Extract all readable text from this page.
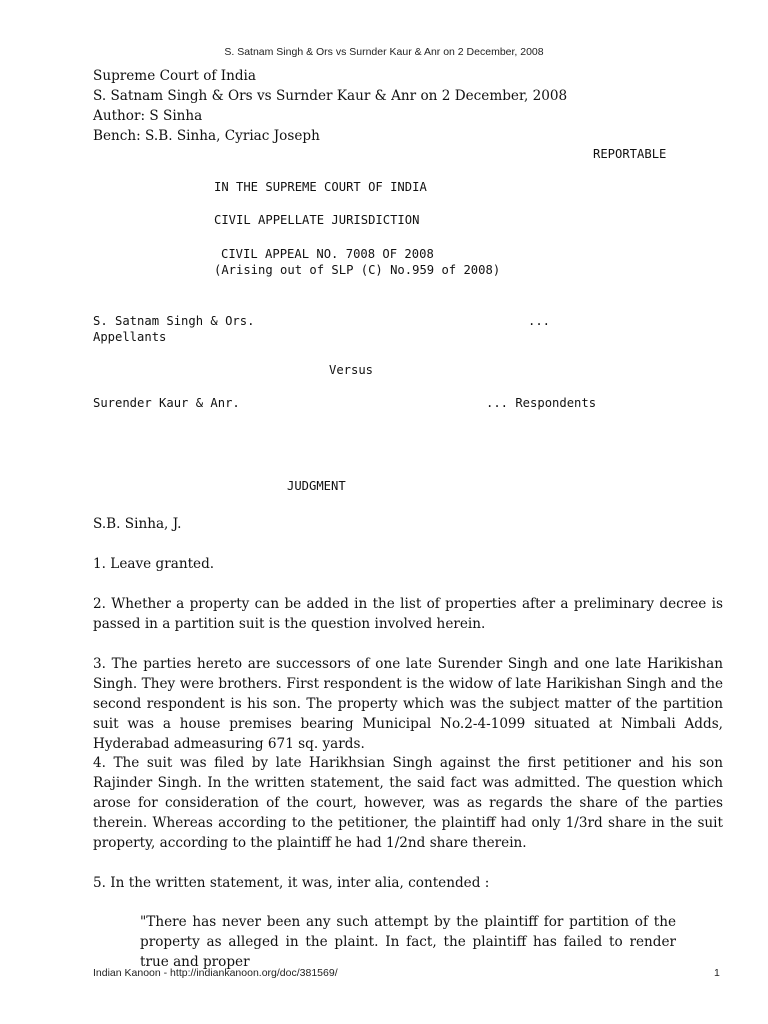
S. Satnam Singh & Ors vs Surnder Kaur & Anr on 2 December, 2008
Supreme Court of India
S. Satnam Singh & Ors vs Surnder Kaur & Anr on 2 December, 2008
Author: S Sinha
Bench: S.B. Sinha, Cyriac Joseph
REPORTABLE
IN THE SUPREME COURT OF INDIA
CIVIL APPELLATE JURISDICTION
CIVIL APPEAL NO. 7008 OF 2008
(Arising out of SLP (C) No.959 of 2008)
S. Satnam Singh & Ors.	...
Appellants
Versus
Surender Kaur & Anr.	... Respondents
JUDGMENT
S.B. Sinha, J.
1. Leave granted.
2. Whether a property can be added in the list of properties after a preliminary decree is passed in a partition suit is the question involved herein.
3. The parties hereto are successors of one late Surender Singh and one late Harikishan Singh. They were brothers. First respondent is the widow of late Harikishan Singh and the second respondent is his son. The property which was the subject matter of the partition suit was a house premises bearing Municipal No.2-4-1099 situated at Nimbali Adds, Hyderabad admeasuring 671 sq. yards.
4. The suit was filed by late Harikhsian Singh against the first petitioner and his son Rajinder Singh. In the written statement, the said fact was admitted. The question which arose for consideration of the court, however, was as regards the share of the parties therein. Whereas according to the petitioner, the plaintiff had only 1/3rd share in the suit property, according to the plaintiff he had 1/2nd share therein.
5. In the written statement, it was, inter alia, contended :
"There has never been any such attempt by the plaintiff for partition of the property as alleged in the plaint. In fact, the plaintiff has failed to render true and proper
Indian Kanoon - http://indiankanoon.org/doc/381569/	1
